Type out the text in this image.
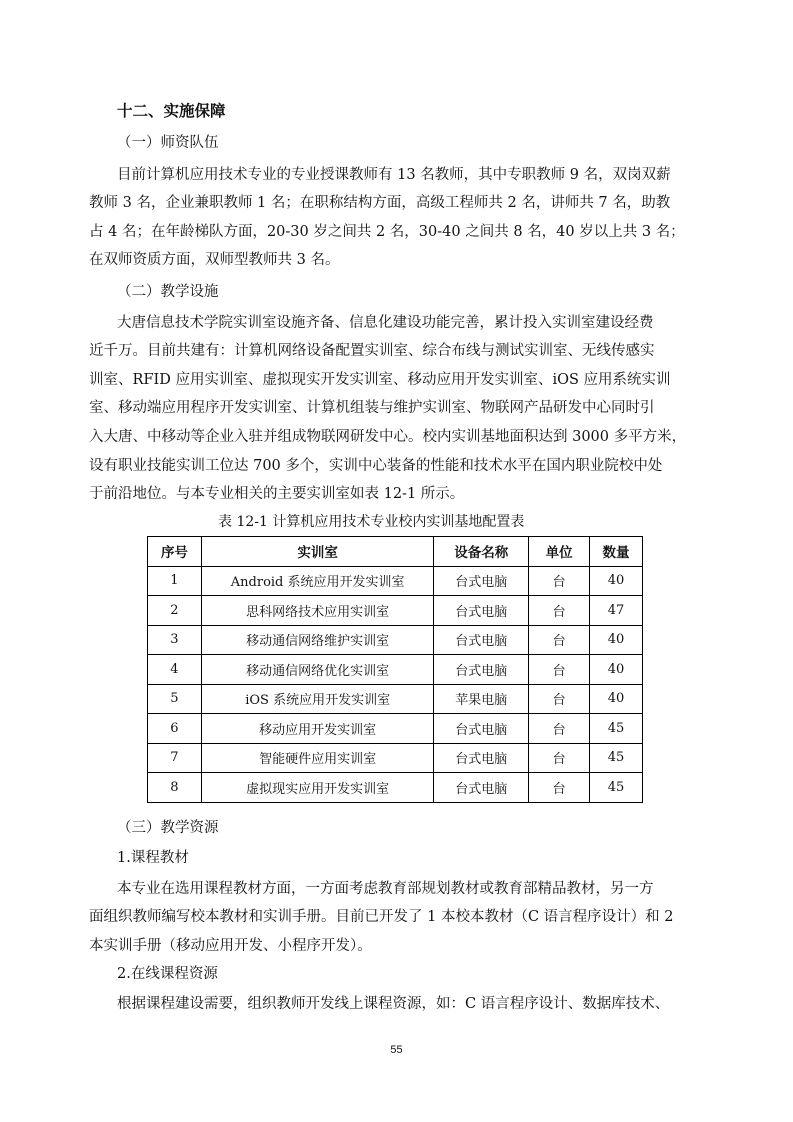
十二、实施保障
（一）师资队伍
目前计算机应用技术专业的专业授课教师有 13 名教师，其中专职教师 9 名，双岗双薪
教师 3 名，企业兼职教师 1 名；在职称结构方面，高级工程师共 2 名，讲师共 7 名，助教
占 4 名；在年龄梯队方面，20-30 岁之间共 2 名，30-40 之间共 8 名，40 岁以上共 3 名；
在双师资质方面，双师型教师共 3 名。
（二）教学设施
大唐信息技术学院实训室设施齐备、信息化建设功能完善，累计投入实训室建设经费
近千万。目前共建有：计算机网络设备配置实训室、综合布线与测试实训室、无线传感实
训室、RFID 应用实训室、虚拟现实开发实训室、移动应用开发实训室、iOS 应用系统实训
室、移动端应用程序开发实训室、计算机组装与维护实训室、物联网产品研发中心同时引
入大唐、中移动等企业入驻并组成物联网研发中心。校内实训基地面积达到 3000 多平方米，
设有职业技能实训工位达 700 多个，实训中心装备的性能和技术水平在国内职业院校中处
于前沿地位。与本专业相关的主要实训室如表 12-1 所示。
表 12-1 计算机应用技术专业校内实训基地配置表
序号	实训室	设备名称	单位	数量
1	Android 系统应用开发实训室	台式电脑	台	40
2	思科网络技术应用实训室	台式电脑	台	47
3	移动通信网络维护实训室	台式电脑	台	40
4	移动通信网络优化实训室	台式电脑	台	40
5	iOS 系统应用开发实训室	苹果电脑	台	40
6	移动应用开发实训室	台式电脑	台	45
7	智能硬件应用实训室	台式电脑	台	45
8	虚拟现实应用开发实训室	台式电脑	台	45
（三）教学资源
1.课程教材
本专业在选用课程教材方面，一方面考虑教育部规划教材或教育部精品教材，另一方
面组织教师编写校本教材和实训手册。目前已开发了 1 本校本教材（C 语言程序设计）和 2
本实训手册（移动应用开发、小程序开发）。
2.在线课程资源
根据课程建设需要，组织教师开发线上课程资源，如：C 语言程序设计、数据库技术、
55
